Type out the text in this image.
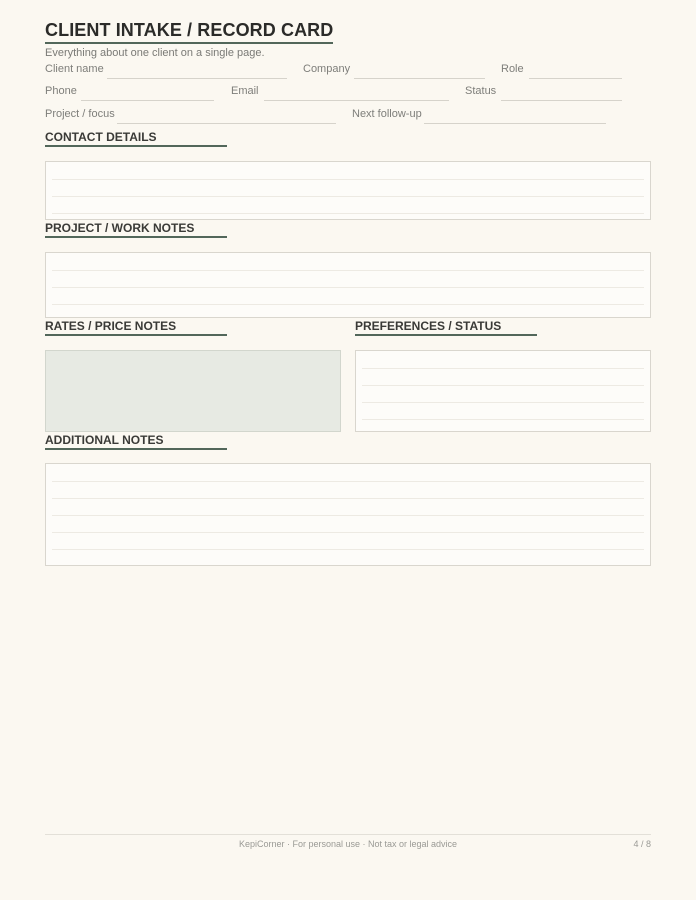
CLIENT INTAKE / RECORD CARD
Everything about one client on a single page.
Client name	Company	Role
Phone	Email	Status
Project / focus	Next follow-up
CONTACT DETAILS
PROJECT / WORK NOTES
RATES / PRICE NOTES	PREFERENCES / STATUS
ADDITIONAL NOTES
KepiCorner · For personal use · Not tax or legal advice	4 / 8
